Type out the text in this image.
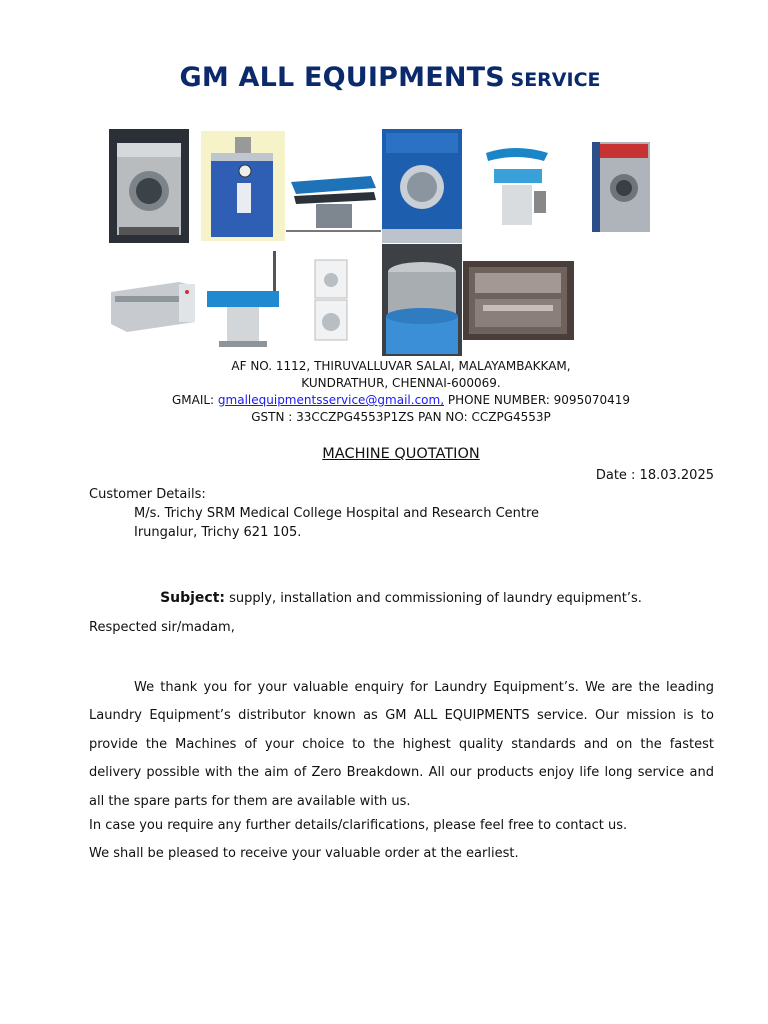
GM ALL EQUIPMENTS SERVICE
AF NO. 1112, THIRUVALLUVAR SALAI, MALAYAMBAKKAM,
KUNDRATHUR, CHENNAI-600069.
GMAIL: gmallequipmentsservice@gmail.com, PHONE NUMBER: 9095070419
GSTN : 33CCZPG4553P1ZS PAN NO: CCZPG4553P
MACHINE QUOTATION
Date : 18.03.2025
Customer Details:
M/s. Trichy SRM Medical College Hospital and Research Centre
Irungalur, Trichy 621 105.
Subject: supply, installation and commissioning of laundry equipment’s.
Respected sir/madam,
We thank you for your valuable enquiry for Laundry Equipment’s. We are the leading Laundry Equipment’s distributor known as GM ALL EQUIPMENTS service. Our mission is to provide the Machines of your choice to the highest quality standards and on the fastest delivery possible with the aim of Zero Breakdown. All our products enjoy life long service and all the spare parts for them are available with us.
In case you require any further details/clarifications, please feel free to contact us.
We shall be pleased to receive your valuable order at the earliest.
